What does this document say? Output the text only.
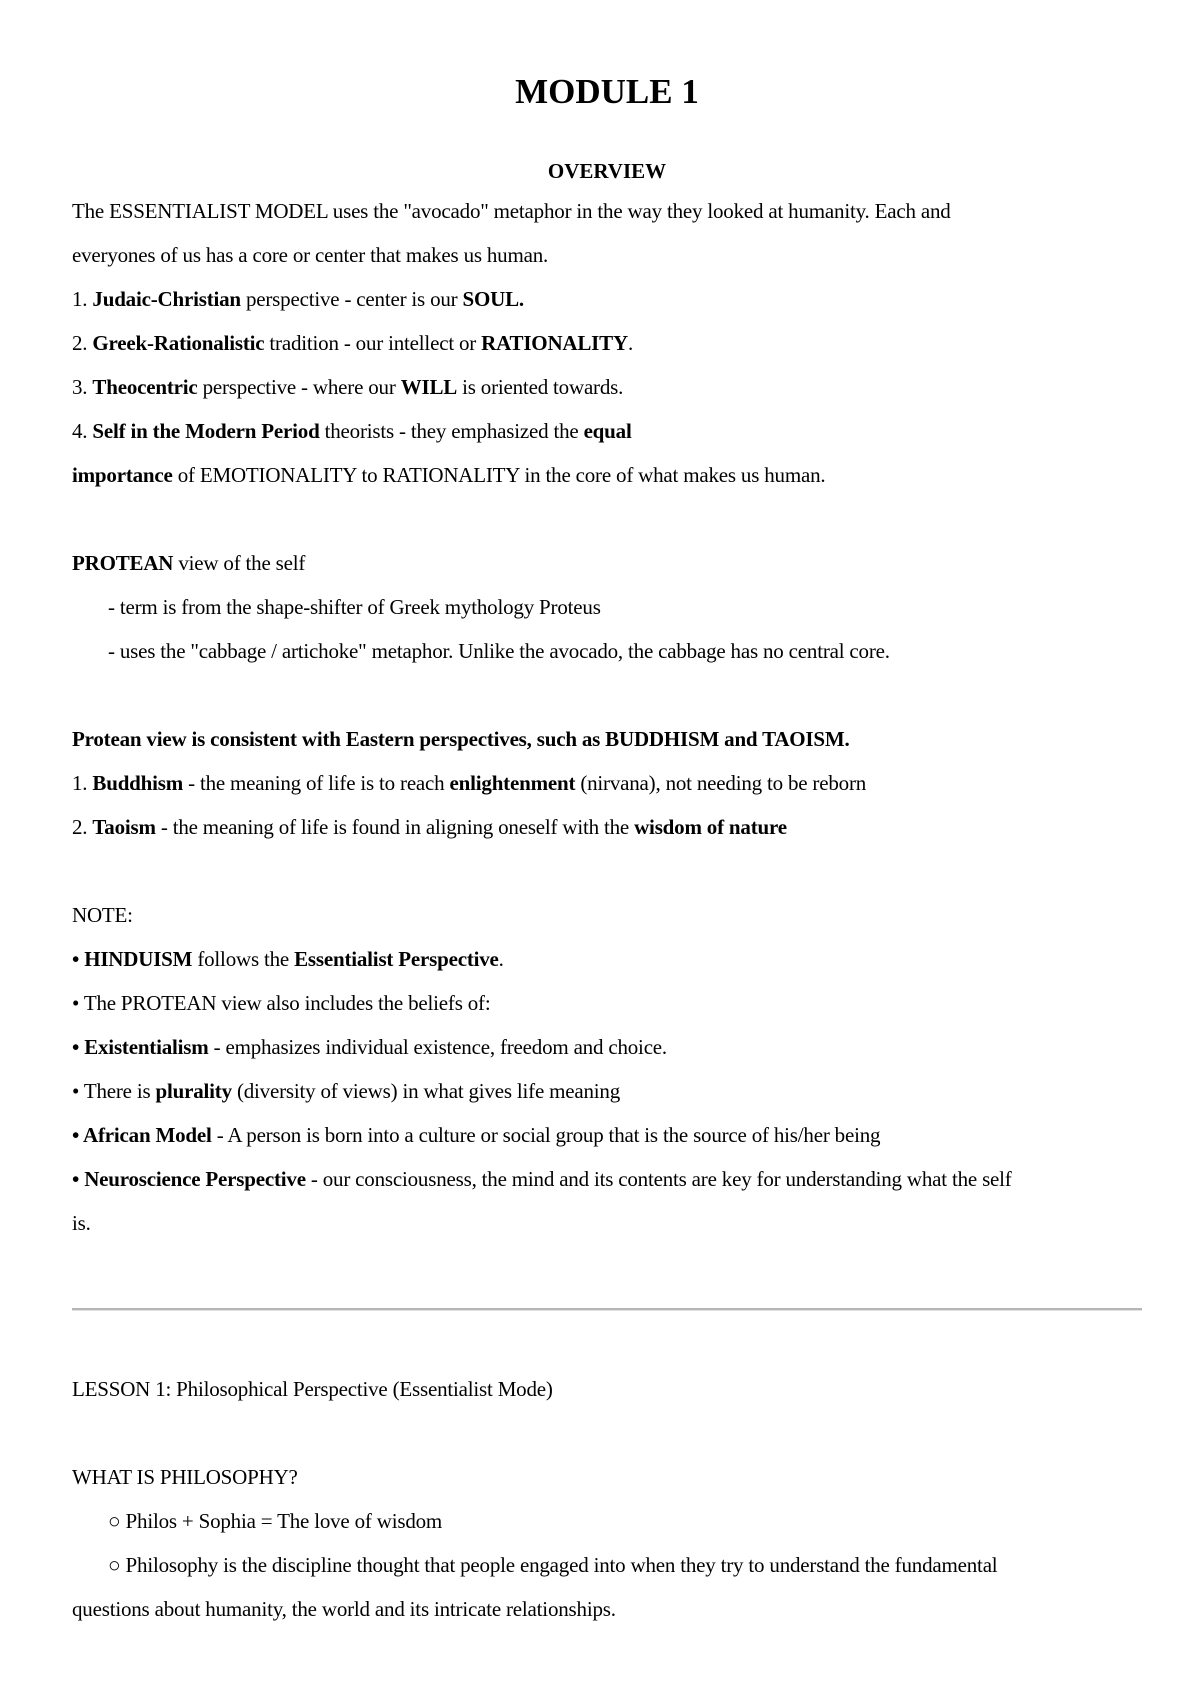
MODULE 1
OVERVIEW
The ESSENTIALIST MODEL uses the "avocado" metaphor in the way they looked at humanity. Each and
everyones of us has a core or center that makes us human.
1. Judaic-Christian perspective - center is our SOUL.
2. Greek-Rationalistic tradition - our intellect or RATIONALITY.
3. Theocentric perspective - where our WILL is oriented towards.
4. Self in the Modern Period theorists - they emphasized the equal
importance of EMOTIONALITY to RATIONALITY in the core of what makes us human.
PROTEAN view of the self
- term is from the shape-shifter of Greek mythology Proteus
- uses the "cabbage / artichoke" metaphor. Unlike the avocado, the cabbage has no central core.
Protean view is consistent with Eastern perspectives, such as BUDDHISM and TAOISM.
1. Buddhism - the meaning of life is to reach enlightenment (nirvana), not needing to be reborn
2. Taoism - the meaning of life is found in aligning oneself with the wisdom of nature
NOTE:
• HINDUISM follows the Essentialist Perspective.
• The PROTEAN view also includes the beliefs of:
• Existentialism - emphasizes individual existence, freedom and choice.
• There is plurality (diversity of views) in what gives life meaning
• African Model - A person is born into a culture or social group that is the source of his/her being
• Neuroscience Perspective - our consciousness, the mind and its contents are key for understanding what the self
is.
LESSON 1: Philosophical Perspective (Essentialist Mode)
WHAT IS PHILOSOPHY?
○ Philos + Sophia = The love of wisdom
○ Philosophy is the discipline thought that people engaged into when they try to understand the fundamental
questions about humanity, the world and its intricate relationships.
